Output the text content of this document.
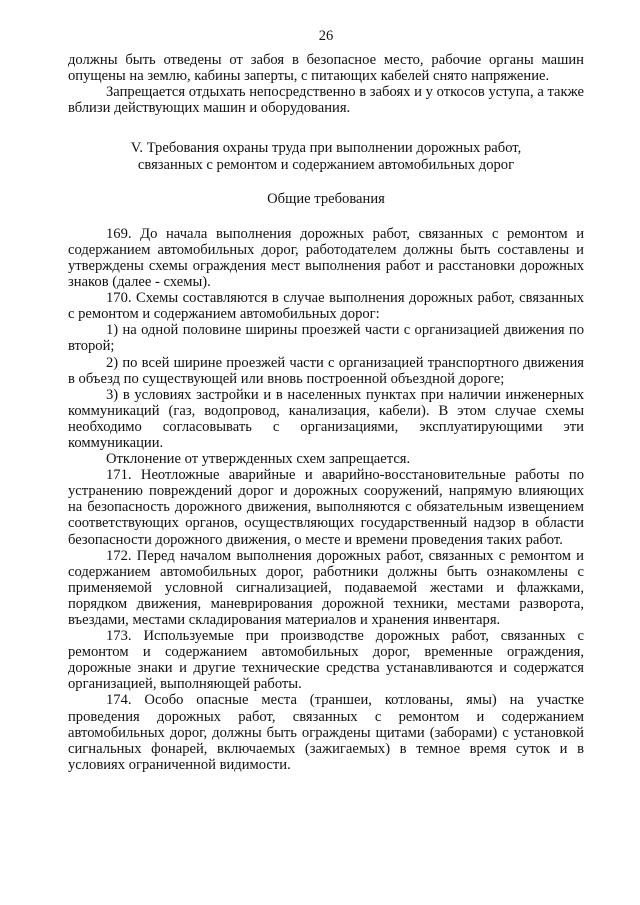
26

должны быть отведены от забоя в безопасное место, рабочие органы машин опущены на землю, кабины заперты, с питающих кабелей снято напряжение.

Запрещается отдыхать непосредственно в забоях и у откосов уступа, а также вблизи действующих машин и оборудования.

V. Требования охраны труда при выполнении дорожных работ,
связанных с ремонтом и содержанием автомобильных дорог
Общие требования

169. До начала выполнения дорожных работ, связанных с ремонтом и содержанием автомобильных дорог, работодателем должны быть составлены и утверждены схемы ограждения мест выполнения работ и расстановки дорожных знаков (далее - схемы).

170. Схемы составляются в случае выполнения дорожных работ, связанных с ремонтом и содержанием автомобильных дорог:

1) на одной половине ширины проезжей части с организацией движения по второй;

2) по всей ширине проезжей части с организацией транспортного движения в объезд по существующей или вновь построенной объездной дороге;

3) в условиях застройки и в населенных пунктах при наличии инженерных коммуникаций (газ, водопровод, канализация, кабели). В этом случае схемы необходимо согласовывать с организациями, эксплуатирующими эти коммуникации.

Отклонение от утвержденных схем запрещается.

171. Неотложные аварийные и аварийно-восстановительные работы по устранению повреждений дорог и дорожных сооружений, напрямую влияющих на безопасность дорожного движения, выполняются с обязательным извещением соответствующих органов, осуществляющих государственный надзор в области безопасности дорожного движения, о месте и времени проведения таких работ.

172. Перед началом выполнения дорожных работ, связанных с ремонтом и содержанием автомобильных дорог, работники должны быть ознакомлены с применяемой условной сигнализацией, подаваемой жестами и флажками, порядком движения, маневрирования дорожной техники, местами разворота, въездами, местами складирования материалов и хранения инвентаря.

173. Используемые при производстве дорожных работ, связанных с ремонтом и содержанием автомобильных дорог, временные ограждения, дорожные знаки и другие технические средства устанавливаются и содержатся организацией, выполняющей работы.

174. Особо опасные места (траншеи, котлованы, ямы) на участке проведения дорожных работ, связанных с ремонтом и содержанием автомобильных дорог, должны быть ограждены щитами (заборами) с установкой сигнальных фонарей, включаемых (зажигаемых) в темное время суток и в условиях ограниченной видимости.
